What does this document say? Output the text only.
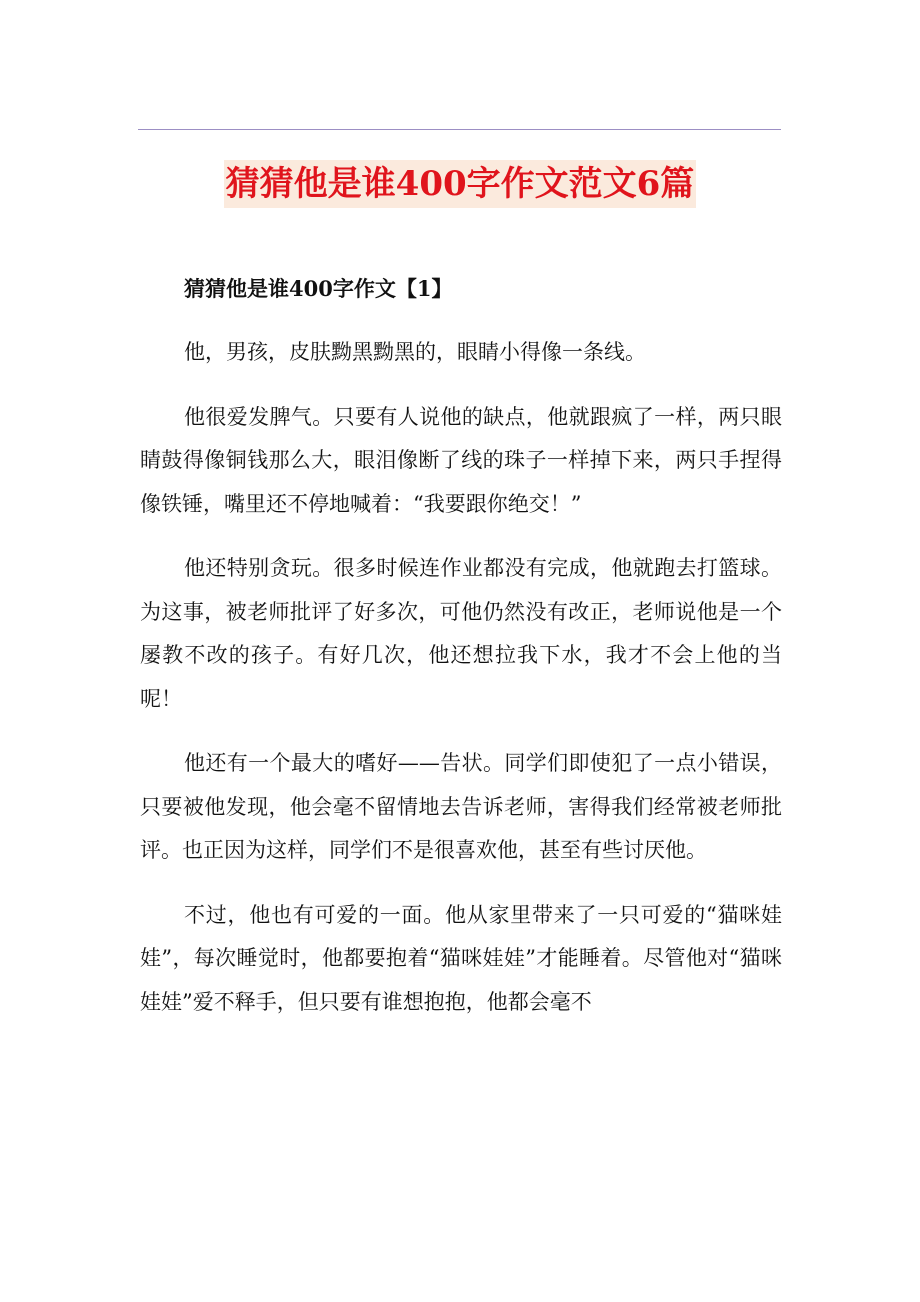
猜猜他是谁400字作文范文6篇
猜猜他是谁400字作文【1】

他，男孩，皮肤黝黑黝黑的，眼睛小得像一条线。

他很爱发脾气。只要有人说他的缺点，他就跟疯了一样，两只眼睛鼓得像铜钱那么大，眼泪像断了线的珠子一样掉下来，两只手捏得像铁锤，嘴里还不停地喊着：“我要跟你绝交！”

他还特别贪玩。很多时候连作业都没有完成，他就跑去打篮球。为这事，被老师批评了好多次，可他仍然没有改正，老师说他是一个屡教不改的孩子。有好几次，他还想拉我下水，我才不会上他的当呢！

他还有一个最大的嗜好——告状。同学们即使犯了一点小错误，只要被他发现，他会毫不留情地去告诉老师，害得我们经常被老师批评。也正因为这样，同学们不是很喜欢他，甚至有些讨厌他。

不过，他也有可爱的一面。他从家里带来了一只可爱的“猫咪娃娃”，每次睡觉时，他都要抱着“猫咪娃娃”才能睡着。尽管他对“猫咪娃娃”爱不释手，但只要有谁想抱抱，他都会毫不
